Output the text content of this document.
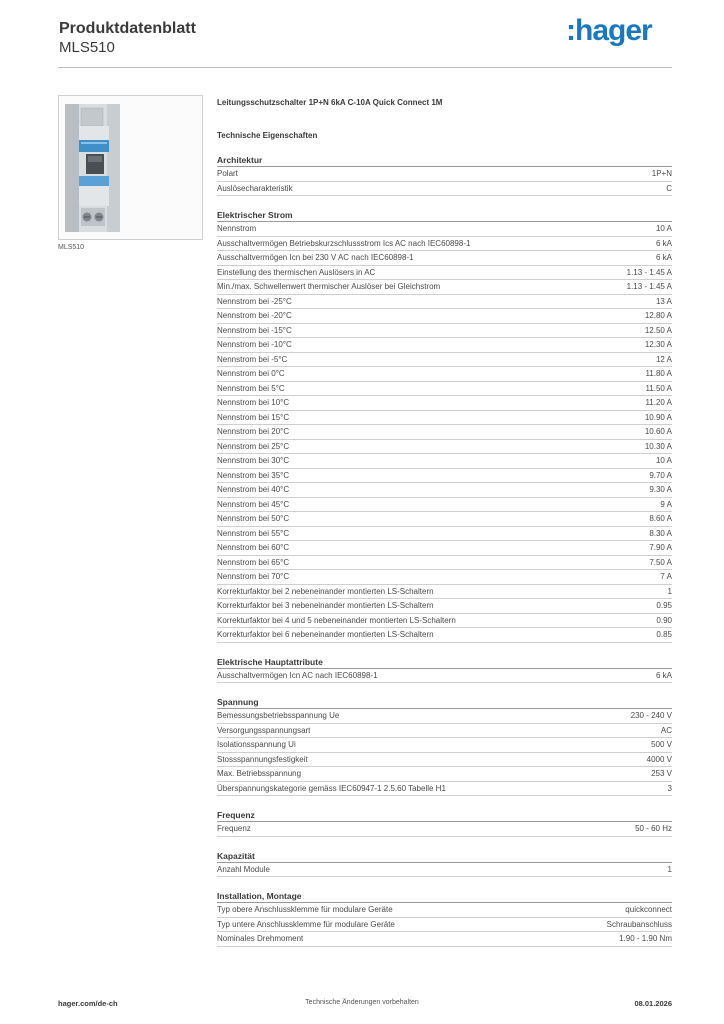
Produktdatenblatt
MLS510
:hager
MLS510
Leitungsschutzschalter 1P+N 6kA C-10A Quick Connect 1M
Technische Eigenschaften
Architektur
Polart	1P+N
Auslösecharakteristik	C
Elektrischer Strom
Nennstrom	10 A
Ausschaltvermögen Betriebskurzschlussstrom Ics AC nach IEC60898-1	6 kA
Ausschaltvermögen Icn bei 230 V AC nach IEC60898-1	6 kA
Einstellung des thermischen Auslösers in AC	1.13 - 1.45 A
Min./max. Schwellenwert thermischer Auslöser bei Gleichstrom	1.13 - 1.45 A
Nennstrom bei -25°C	13 A
Nennstrom bei -20°C	12.80 A
Nennstrom bei -15°C	12.50 A
Nennstrom bei -10°C	12.30 A
Nennstrom bei -5°C	12 A
Nennstrom bei 0°C	11.80 A
Nennstrom bei 5°C	11.50 A
Nennstrom bei 10°C	11.20 A
Nennstrom bei 15°C	10.90 A
Nennstrom bei 20°C	10.60 A
Nennstrom bei 25°C	10.30 A
Nennstrom bei 30°C	10 A
Nennstrom bei 35°C	9.70 A
Nennstrom bei 40°C	9.30 A
Nennstrom bei 45°C	9 A
Nennstrom bei 50°C	8.60 A
Nennstrom bei 55°C	8.30 A
Nennstrom bei 60°C	7.90 A
Nennstrom bei 65°C	7.50 A
Nennstrom bei 70°C	7 A
Korrekturfaktor bei 2 nebeneinander montierten LS-Schaltern	1
Korrekturfaktor bei 3 nebeneinander montierten LS-Schaltern	0.95
Korrekturfaktor bei 4 und 5 nebeneinander montierten LS-Schaltern	0.90
Korrekturfaktor bei 6 nebeneinander montierten LS-Schaltern	0.85
Elektrische Hauptattribute
Ausschaltvermögen Icn AC nach IEC60898-1	6 kA
Spannung
Bemessungsbetriebsspannung Ue	230 - 240 V
Versorgungsspannungsart	AC
Isolationsspannung Ui	500 V
Stossspannungsfestigkeit	4000 V
Max. Betriebsspannung	253 V
Überspannungskategorie gemäss IEC60947-1 2.5.60 Tabelle H1	3
Frequenz
Frequenz	50 - 60 Hz
Kapazität
Anzahl Module	1
Installation, Montage
Typ obere Anschlussklemme für modulare Geräte	quickconnect
Typ untere Anschlussklemme für modulare Geräte	Schraubanschluss
Nominales Drehmoment	1.90 - 1.90 Nm
hager.com/de-ch	Technische Änderungen vorbehalten	08.01.2026
